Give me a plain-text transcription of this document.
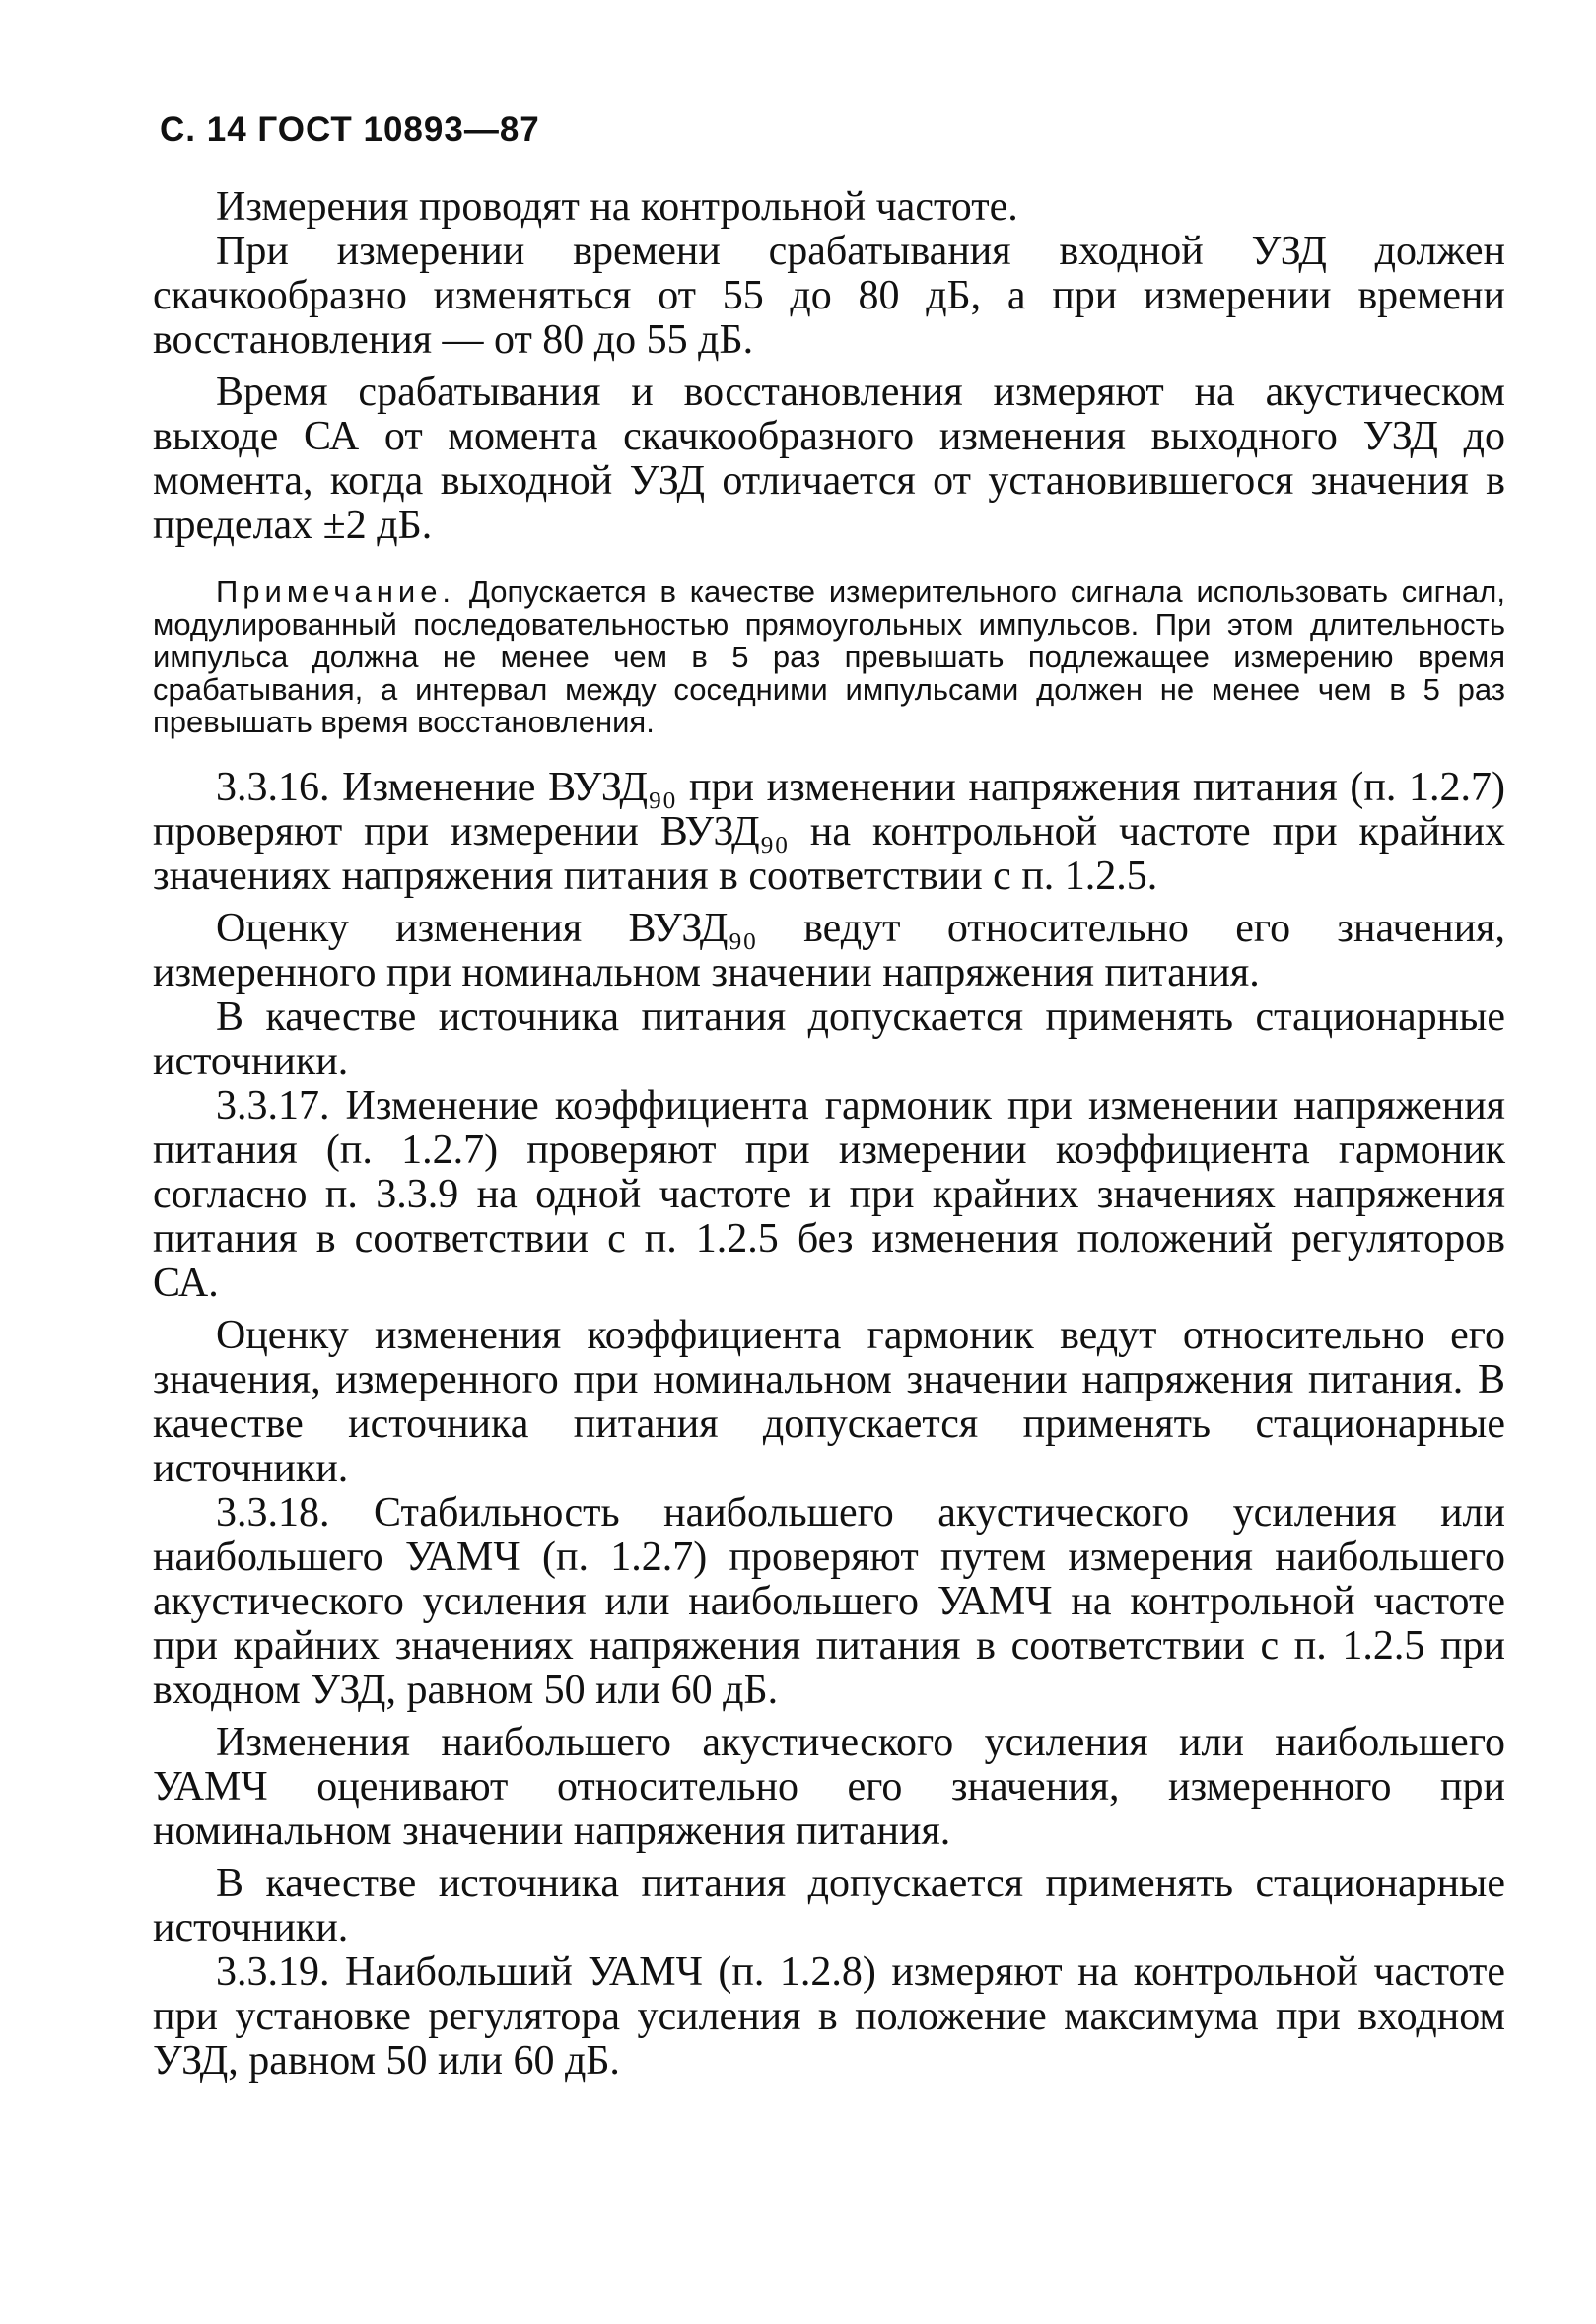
С. 14 ГОСТ 10893—87

Измерения проводят на контрольной частоте.

При измерении времени срабатывания входной УЗД должен скачкообразно изменяться от 55 до 80 дБ, а при измерении времени восстановления — от 80 до 55 дБ.

Время срабатывания и восстановления измеряют на акустическом выходе СА от момента скачкообразного изменения выходного УЗД до момента, когда выходной УЗД отличается от установившегося значения в пределах ±2 дБ.

Примечание. Допускается в качестве измерительного сигнала использовать сигнал, модулированный последовательностью прямоугольных импульсов. При этом длительность импульса должна не менее чем в 5 раз превышать подлежащее измерению время срабатывания, а интервал между соседними импульсами должен не менее чем в 5 раз превышать время восстановления.

3.3.16. Изменение ВУЗД₉₀ при изменении напряжения питания (п. 1.2.7) проверяют при измерении ВУЗД₉₀ на контрольной частоте при крайних значениях напряжения питания в соответствии с п. 1.2.5.

Оценку изменения ВУЗД₉₀ ведут относительно его значения, измеренного при номинальном значении напряжения питания.

В качестве источника питания допускается применять стационарные источники.

3.3.17. Изменение коэффициента гармоник при изменении напряжения питания (п. 1.2.7) проверяют при измерении коэффициента гармоник согласно п. 3.3.9 на одной частоте и при крайних значениях напряжения питания в соответствии с п. 1.2.5 без изменения положений регуляторов СА.

Оценку изменения коэффициента гармоник ведут относительно его значения, измеренного при номинальном значении напряжения питания. В качестве источника питания допускается применять стационарные источники.

3.3.18. Стабильность наибольшего акустического усиления или наибольшего УАМЧ (п. 1.2.7) проверяют путем измерения наибольшего акустического усиления или наибольшего УАМЧ на контрольной частоте при крайних значениях напряжения питания в соответствии с п. 1.2.5 при входном УЗД, равном 50 или 60 дБ.

Изменения наибольшего акустического усиления или наибольшего УАМЧ оценивают относительно его значения, измеренного при номинальном значении напряжения питания.

В качестве источника питания допускается применять стационарные источники.

3.3.19. Наибольший УАМЧ (п. 1.2.8) измеряют на контрольной частоте при установке регулятора усиления в положение максимума при входном УЗД, равном 50 или 60 дБ.
